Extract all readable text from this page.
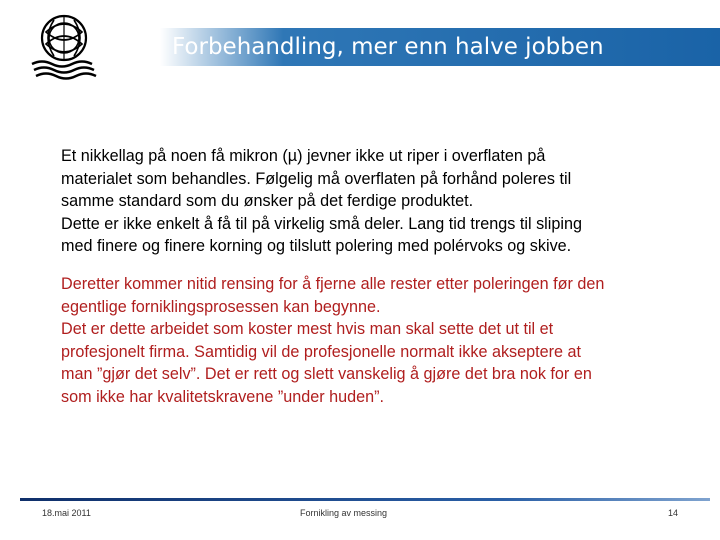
Forbehandling, mer enn halve jobben
Et nikkellag på noen få mikron (µ) jevner ikke ut riper i overflaten på
materialet som behandles. Følgelig må overflaten på forhånd poleres til
samme standard som du ønsker på det ferdige produktet.
Dette er ikke enkelt å få til på virkelig små deler. Lang tid trengs til sliping
med finere og finere korning og tilslutt polering med polérvoks og skive.
Deretter kommer nitid rensing for å fjerne alle rester etter poleringen før den
egentlige forniklingsprosessen kan begynne.
Det er dette arbeidet som koster mest hvis man skal sette det ut til et
profesjonelt firma. Samtidig vil de profesjonelle normalt ikke akseptere at
man ”gjør det selv”. Det er rett og slett vanskelig å gjøre det bra nok for en
som ikke har kvalitetskravene ”under huden”.
18.mai 2011	Fornikling av messing	14
